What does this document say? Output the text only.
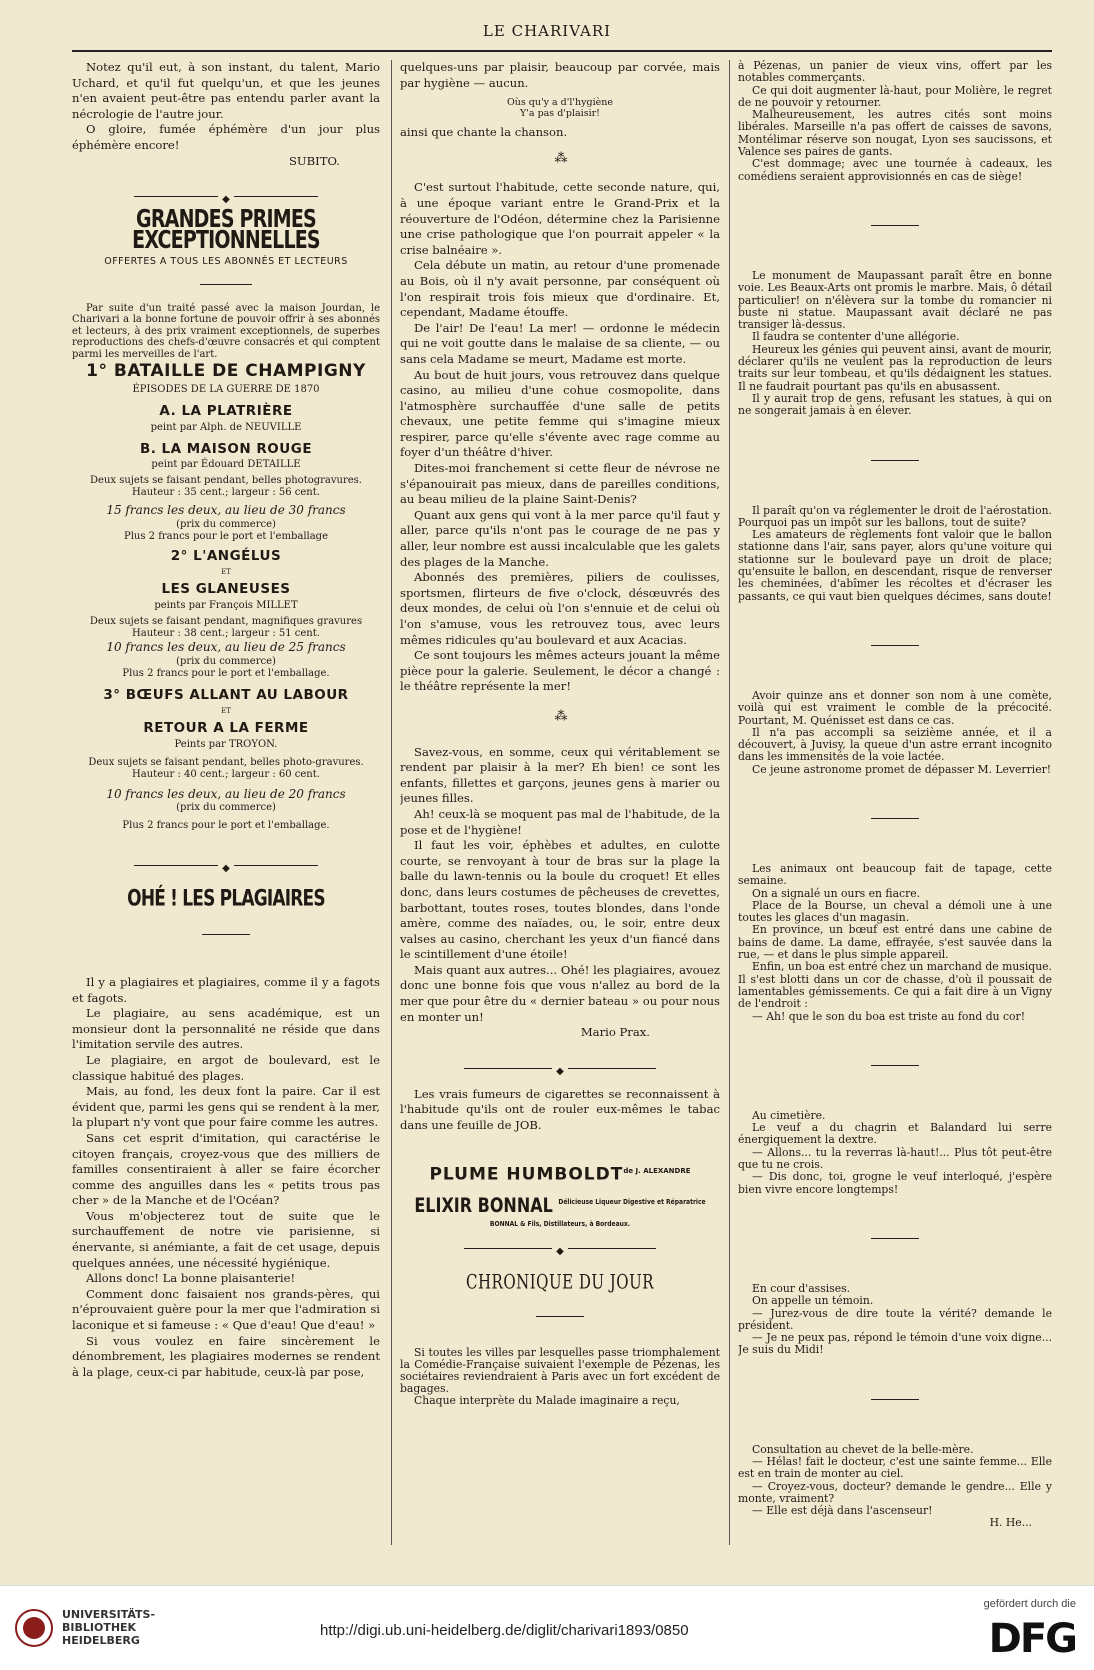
LE CHARIVARI

Notez qu'il eut, à son instant, du talent, Mario Uchard, et qu'il fut quelqu'un, et que les jeunes n'en avaient peut-être pas entendu parler avant la nécrologie de l'autre jour.

O gloire, fumée éphémère d'un jour plus éphémère encore!

SUBITO.

◆
GRANDES PRIMES EXCEPTIONNELLES
OFFERTES A TOUS LES ABONNÉS ET LECTEURS

Par suite d'un traité passé avec la maison Jourdan, le Charivari a la bonne fortune de pouvoir offrir à ses abonnés et lecteurs, à des prix vraiment exceptionnels, de superbes reproductions des chefs-d'œuvre consacrés et qui comptent parmi les merveilles de l'art.

1° BATAILLE DE CHAMPIGNY
ÉPISODES DE LA GUERRE DE 1870
A. LA PLATRIÈRE
peint par Alph. de NEUVILLE
B. LA MAISON ROUGE
peint par Édouard DETAILLE
Deux sujets se faisant pendant, belles photogravures. Hauteur : 35 cent.; largeur : 56 cent.
15 francs les deux, au lieu de 30 francs
(prix du commerce)
Plus 2 francs pour le port et l'emballage
2° L'ANGÉLUS
ET
LES GLANEUSES
peints par François MILLET
Deux sujets se faisant pendant, magnifiques gravures Hauteur : 38 cent.; largeur : 51 cent.
10 francs les deux, au lieu de 25 francs
(prix du commerce)
Plus 2 francs pour le port et l'emballage.
3° BŒUFS ALLANT AU LABOUR
ET
RETOUR A LA FERME
Peints par TROYON.
Deux sujets se faisant pendant, belles photo-gravures. Hauteur : 40 cent.; largeur : 60 cent.
10 francs les deux, au lieu de 20 francs
(prix du commerce)
Plus 2 francs pour le port et l'emballage.
◆
OHÉ ! LES PLAGIAIRES

Il y a plagiaires et plagiaires, comme il y a fagots et fagots.

Le plagiaire, au sens académique, est un monsieur dont la personnalité ne réside que dans l'imitation servile des autres.

Le plagiaire, en argot de boulevard, est le classique habitué des plages.

Mais, au fond, les deux font la paire. Car il est évident que, parmi les gens qui se rendent à la mer, la plupart n'y vont que pour faire comme les autres.

Sans cet esprit d'imitation, qui caractérise le citoyen français, croyez-vous que des milliers de familles consentiraient à aller se faire écorcher comme des anguilles dans les « petits trous pas cher » de la Manche et de l'Océan?

Vous m'objecterez tout de suite que le surchauffement de notre vie parisienne, si énervante, si anémiante, a fait de cet usage, depuis quelques années, une nécessité hygiénique.

Allons donc! La bonne plaisanterie!

Comment donc faisaient nos grands-pères, qui n'éprouvaient guère pour la mer que l'admiration si laconique et si fameuse : « Que d'eau! Que d'eau! »

Si vous voulez en faire sincèrement le dénombrement, les plagiaires modernes se rendent à la plage, ceux-ci par habitude, ceux-là par pose,

quelques-uns par plaisir, beaucoup par corvée, mais par hygiène — aucun.

Oùs qu'y a d'l'hygiène
Y'a pas d'plaisir!

ainsi que chante la chanson.

⁂

C'est surtout l'habitude, cette seconde nature, qui, à une époque variant entre le Grand-Prix et la réouverture de l'Odéon, détermine chez la Parisienne une crise pathologique que l'on pourrait appeler « la crise balnéaire ».

Cela débute un matin, au retour d'une promenade au Bois, où il n'y avait personne, par conséquent où l'on respirait trois fois mieux que d'ordinaire. Et, cependant, Madame étouffe.

De l'air! De l'eau! La mer! — ordonne le médecin qui ne voit goutte dans le malaise de sa cliente, — ou sans cela Madame se meurt, Madame est morte.

Au bout de huit jours, vous retrouvez dans quelque casino, au milieu d'une cohue cosmopolite, dans l'atmosphère surchauffée d'une salle de petits chevaux, une petite femme qui s'imagine mieux respirer, parce qu'elle s'évente avec rage comme au foyer d'un théâtre d'hiver.

Dites-moi franchement si cette fleur de névrose ne s'épanouirait pas mieux, dans de pareilles conditions, au beau milieu de la plaine Saint-Denis?

Quant aux gens qui vont à la mer parce qu'il faut y aller, parce qu'ils n'ont pas le courage de ne pas y aller, leur nombre est aussi incalculable que les galets des plages de la Manche.

Abonnés des premières, piliers de coulisses, sportsmen, flirteurs de five o'clock, désœuvrés des deux mondes, de celui où l'on s'ennuie et de celui où l'on s'amuse, vous les retrouvez tous, avec leurs mêmes ridicules qu'au boulevard et aux Acacias.

Ce sont toujours les mêmes acteurs jouant la même pièce pour la galerie. Seulement, le décor a changé : le théâtre représente la mer!

⁂

Savez-vous, en somme, ceux qui véritablement se rendent par plaisir à la mer? Eh bien! ce sont les enfants, fillettes et garçons, jeunes gens à marier ou jeunes filles.

Ah! ceux-là se moquent pas mal de l'habitude, de la pose et de l'hygiène!

Il faut les voir, éphèbes et adultes, en culotte courte, se renvoyant à tour de bras sur la plage la balle du lawn-tennis ou la boule du croquet! Et elles donc, dans leurs costumes de pêcheuses de crevettes, barbottant, toutes roses, toutes blondes, dans l'onde amère, comme des naïades, ou, le soir, entre deux valses au casino, cherchant les yeux d'un fiancé dans le scintillement d'une étoile!

Mais quant aux autres... Ohé! les plagiaires, avouez donc une bonne fois que vous n'allez au bord de la mer que pour être du « dernier bateau » ou pour nous en monter un!

Mario Prax.

◆

Les vrais fumeurs de cigarettes se reconnaissent à l'habitude qu'ils ont de rouler eux-mêmes le tabac dans une feuille de JOB.

PLUME $HUMBOLDT^{de J. ALEXANDRE}$
ELIXIR BONNAL $^{Délicieuse Liqueur Digestive et Réparatrice BONNAL \& Fils, Distillateurs, à Bordeaux.}$
◆
CHRONIQUE DU JOUR

Si toutes les villes par lesquelles passe triomphalement la Comédie-Française suivaient l'exemple de Pézenas, les sociétaires reviendraient à Paris avec un fort excédent de bagages.

Chaque interprète du Malade imaginaire a reçu,

à Pézenas, un panier de vieux vins, offert par les notables commerçants.

Ce qui doit augmenter là-haut, pour Molière, le regret de ne pouvoir y retourner.

Malheureusement, les autres cités sont moins libérales. Marseille n'a pas offert de caisses de savons, Montélimar réserve son nougat, Lyon ses saucissons, et Valence ses paires de gants.

C'est dommage; avec une tournée à cadeaux, les comédiens seraient approvisionnés en cas de siège!

Le monument de Maupassant paraît être en bonne voie. Les Beaux-Arts ont promis le marbre. Mais, ô détail particulier! on n'élèvera sur la tombe du romancier ni buste ni statue. Maupassant avait déclaré ne pas transiger là-dessus.

Il faudra se contenter d'une allégorie.

Heureux les génies qui peuvent ainsi, avant de mourir, déclarer qu'ils ne veulent pas la reproduction de leurs traits sur leur tombeau, et qu'ils dédaignent les statues. Il ne faudrait pourtant pas qu'ils en abusassent.

Il y aurait trop de gens, refusant les statues, à qui on ne songerait jamais à en élever.

Il paraît qu'on va réglementer le droit de l'aérostation. Pourquoi pas un impôt sur les ballons, tout de suite?

Les amateurs de règlements font valoir que le ballon stationne dans l'air, sans payer, alors qu'une voiture qui stationne sur le boulevard paye un droit de place; qu'ensuite le ballon, en descendant, risque de renverser les cheminées, d'abîmer les récoltes et d'écraser les passants, ce qui vaut bien quelques décimes, sans doute!

Avoir quinze ans et donner son nom à une comète, voilà qui est vraiment le comble de la précocité. Pourtant, M. Quénisset est dans ce cas.

Il n'a pas accompli sa seizième année, et il a découvert, à Juvisy, la queue d'un astre errant incognito dans les immensités de la voie lactée.

Ce jeune astronome promet de dépasser M. Leverrier!

Les animaux ont beaucoup fait de tapage, cette semaine.

On a signalé un ours en fiacre.

Place de la Bourse, un cheval a démoli une à une toutes les glaces d'un magasin.

En province, un bœuf est entré dans une cabine de bains de dame. La dame, effrayée, s'est sauvée dans la rue, — et dans le plus simple appareil.

Enfin, un boa est entré chez un marchand de musique. Il s'est blotti dans un cor de chasse, d'où il poussait de lamentables gémissements. Ce qui a fait dire à un Vigny de l'endroit :

— Ah! que le son du boa est triste au fond du cor!

Au cimetière.

Le veuf a du chagrin et Balandard lui serre énergiquement la dextre.

— Allons... tu la reverras là-haut!... Plus tôt peut-être que tu ne crois.

— Dis donc, toi, grogne le veuf interloqué, j'espère bien vivre encore longtemps!

En cour d'assises.

On appelle un témoin.

— Jurez-vous de dire toute la vérité? demande le président.

— Je ne peux pas, répond le témoin d'une voix digne... Je suis du Midi!

Consultation au chevet de la belle-mère.

— Hélas! fait le docteur, c'est une sainte femme... Elle est en train de monter au ciel.

— Croyez-vous, docteur? demande le gendre... Elle y monte, vraiment?

— Elle est déjà dans l'ascenseur!

H. He...

UNIVERSITÄTS-
BIBLIOTHEK
HEIDELBERG
http://digi.ub.uni-heidelberg.de/diglit/charivari1893/0850
gefördert durch die
DFG
